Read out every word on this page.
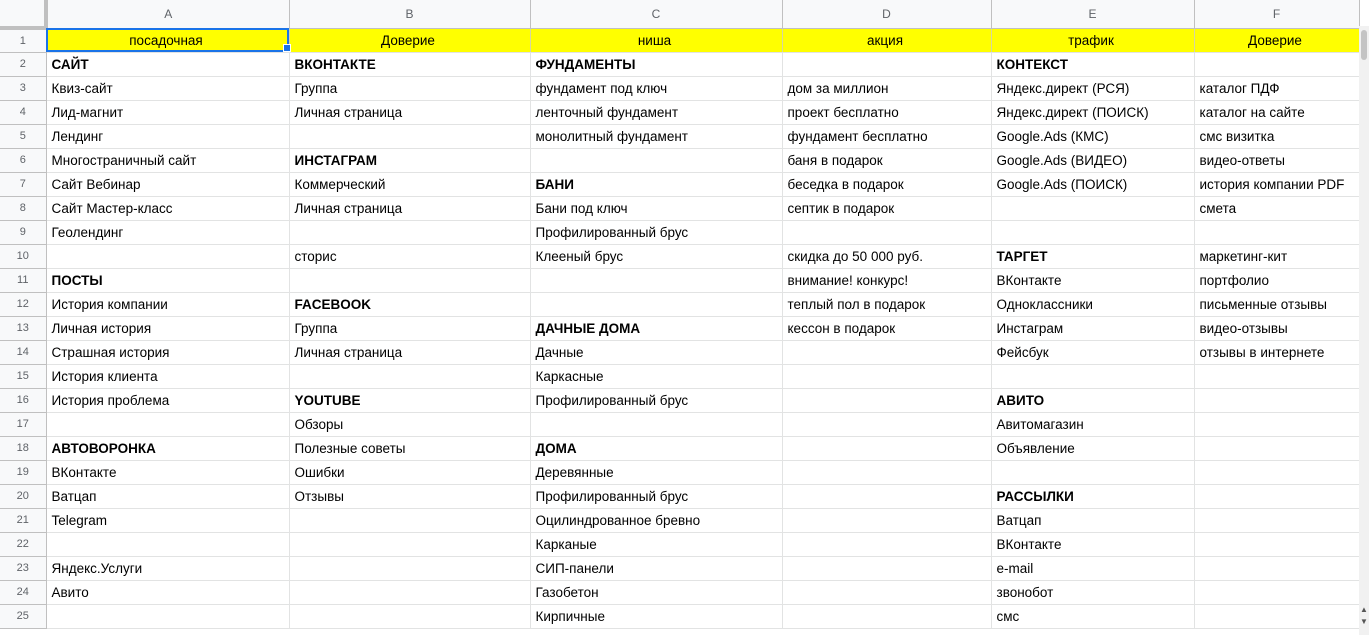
	A	B	C	D	E	F
1	посадочная	Доверие	ниша	акция	трафик	Доверие
2	САЙТ	ВКОНТАКТЕ	ФУНДАМЕНТЫ		КОНТЕКСТ	
3	Квиз-сайт	Группа	фундамент под ключ	дом за миллион	Яндекс.директ (РСЯ)	каталог ПДФ
4	Лид-магнит	Личная страница	ленточный фундамент	проект бесплатно	Яндекс.директ (ПОИСК)	каталог на сайте
5	Лендинг		монолитный фундамент	фундамент бесплатно	Google.Ads (КМС)	смс визитка
6	Многостраничный сайт	ИНСТАГРАМ		баня в подарок	Google.Ads (ВИДЕО)	видео-ответы
7	Сайт Вебинар	Коммерческий	БАНИ	беседка в подарок	Google.Ads (ПОИСК)	история компании PDF
8	Сайт Мастер-класс	Личная страница	Бани под ключ	септик в подарок		смета
9	Геолендинг		Профилированный брус			
10		сторис	Клееный брус	скидка до 50 000 руб.	ТАРГЕТ	маркетинг-кит
11	ПОСТЫ			внимание! конкурс!	ВКонтакте	портфолио
12	История компании	FACEBOOK		теплый пол в подарок	Одноклассники	письменные отзывы
13	Личная история	Группа	ДАЧНЫЕ ДОМА	кессон в подарок	Инстаграм	видео-отзывы
14	Страшная история	Личная страница	Дачные		Фейсбук	отзывы в интернете
15	История клиента		Каркасные			
16	История проблема	YOUTUBE	Профилированный брус		АВИТО	
17		Обзоры			Авитомагазин	
18	АВТОВОРОНКА	Полезные советы	ДОМА		Объявление	
19	ВКонтакте	Ошибки	Деревянные			
20	Ватцап	Отзывы	Профилированный брус		РАССЫЛКИ	
21	Telegram		Оцилиндрованное бревно		Ватцап	
22			Карканые		ВКонтакте	
23	Яндекс.Услуги		СИП-панели		e-mail	
24	Авито		Газобетон		звонобот	
25			Кирпичные		смс		▲
▼
